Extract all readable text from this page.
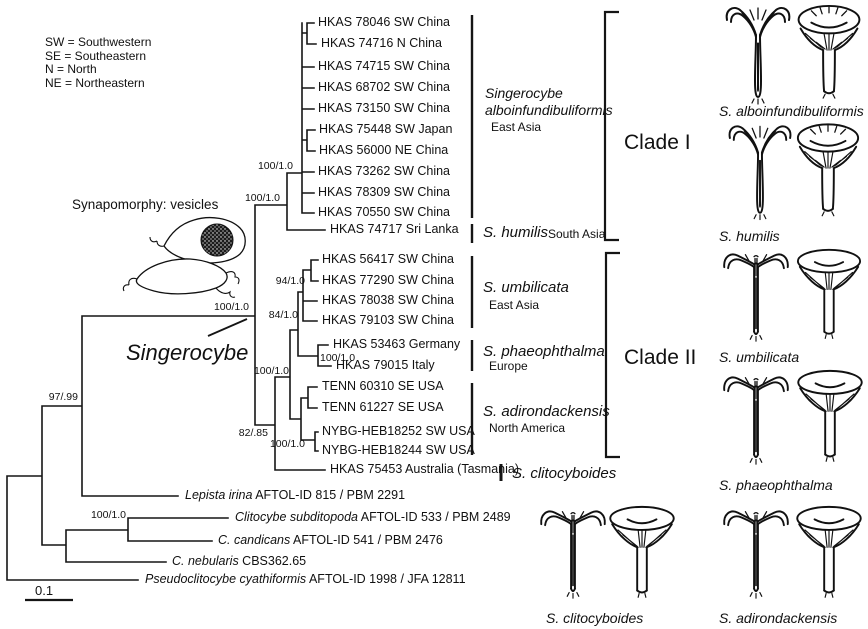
SW = Southwestern
SE = Southeastern
N = North
NE = Northeastern
HKAS 78046 SW China
HKAS 74716 N China
HKAS 74715 SW China
HKAS 68702 SW China
HKAS 73150 SW China
HKAS 75448 SW Japan
HKAS 56000 NE China
HKAS 73262 SW China
HKAS 78309 SW China
HKAS 70550 SW China
HKAS 74717 Sri Lanka
HKAS 56417 SW China
HKAS 77290 SW China
HKAS 78038 SW China
HKAS 79103 SW China
HKAS 53463 Germany
HKAS 79015 Italy
TENN 60310 SE USA
TENN 61227 SE USA
NYBG-HEB18252 SW USA
NYBG-HEB18244 SW USA
HKAS 75453 Australia (Tasmania)
Lepista irina AFTOL-ID 815 / PBM 2291
Clitocybe subditopoda AFTOL-ID 533 / PBM 2489
C. candicans AFTOL-ID 541 / PBM 2476
C. nebularis CBS362.65
Pseudoclitocybe cyathiformis AFTOL-ID 1998 / JFA 12811
100/1.0
100/1.0
100/1.0
94/1.0
84/1.0
100/1.0
100/1.0
82/.85
100/1.0
97/.99
100/1.0
Singerocybe
alboinfundibuliformis
East Asia
S. humilis South Asia
S. umbilicata
East Asia
S. phaeophthalma
Europe
S. adirondackensis
North America
S. clitocyboides
Clade I
Clade II
Synapomorphy: vesicles
Singerocybe
0.1
S. alboinfundibuliformis
S. humilis
S. umbilicata
S. phaeophthalma
S. clitocyboides	S. adirondackensis
